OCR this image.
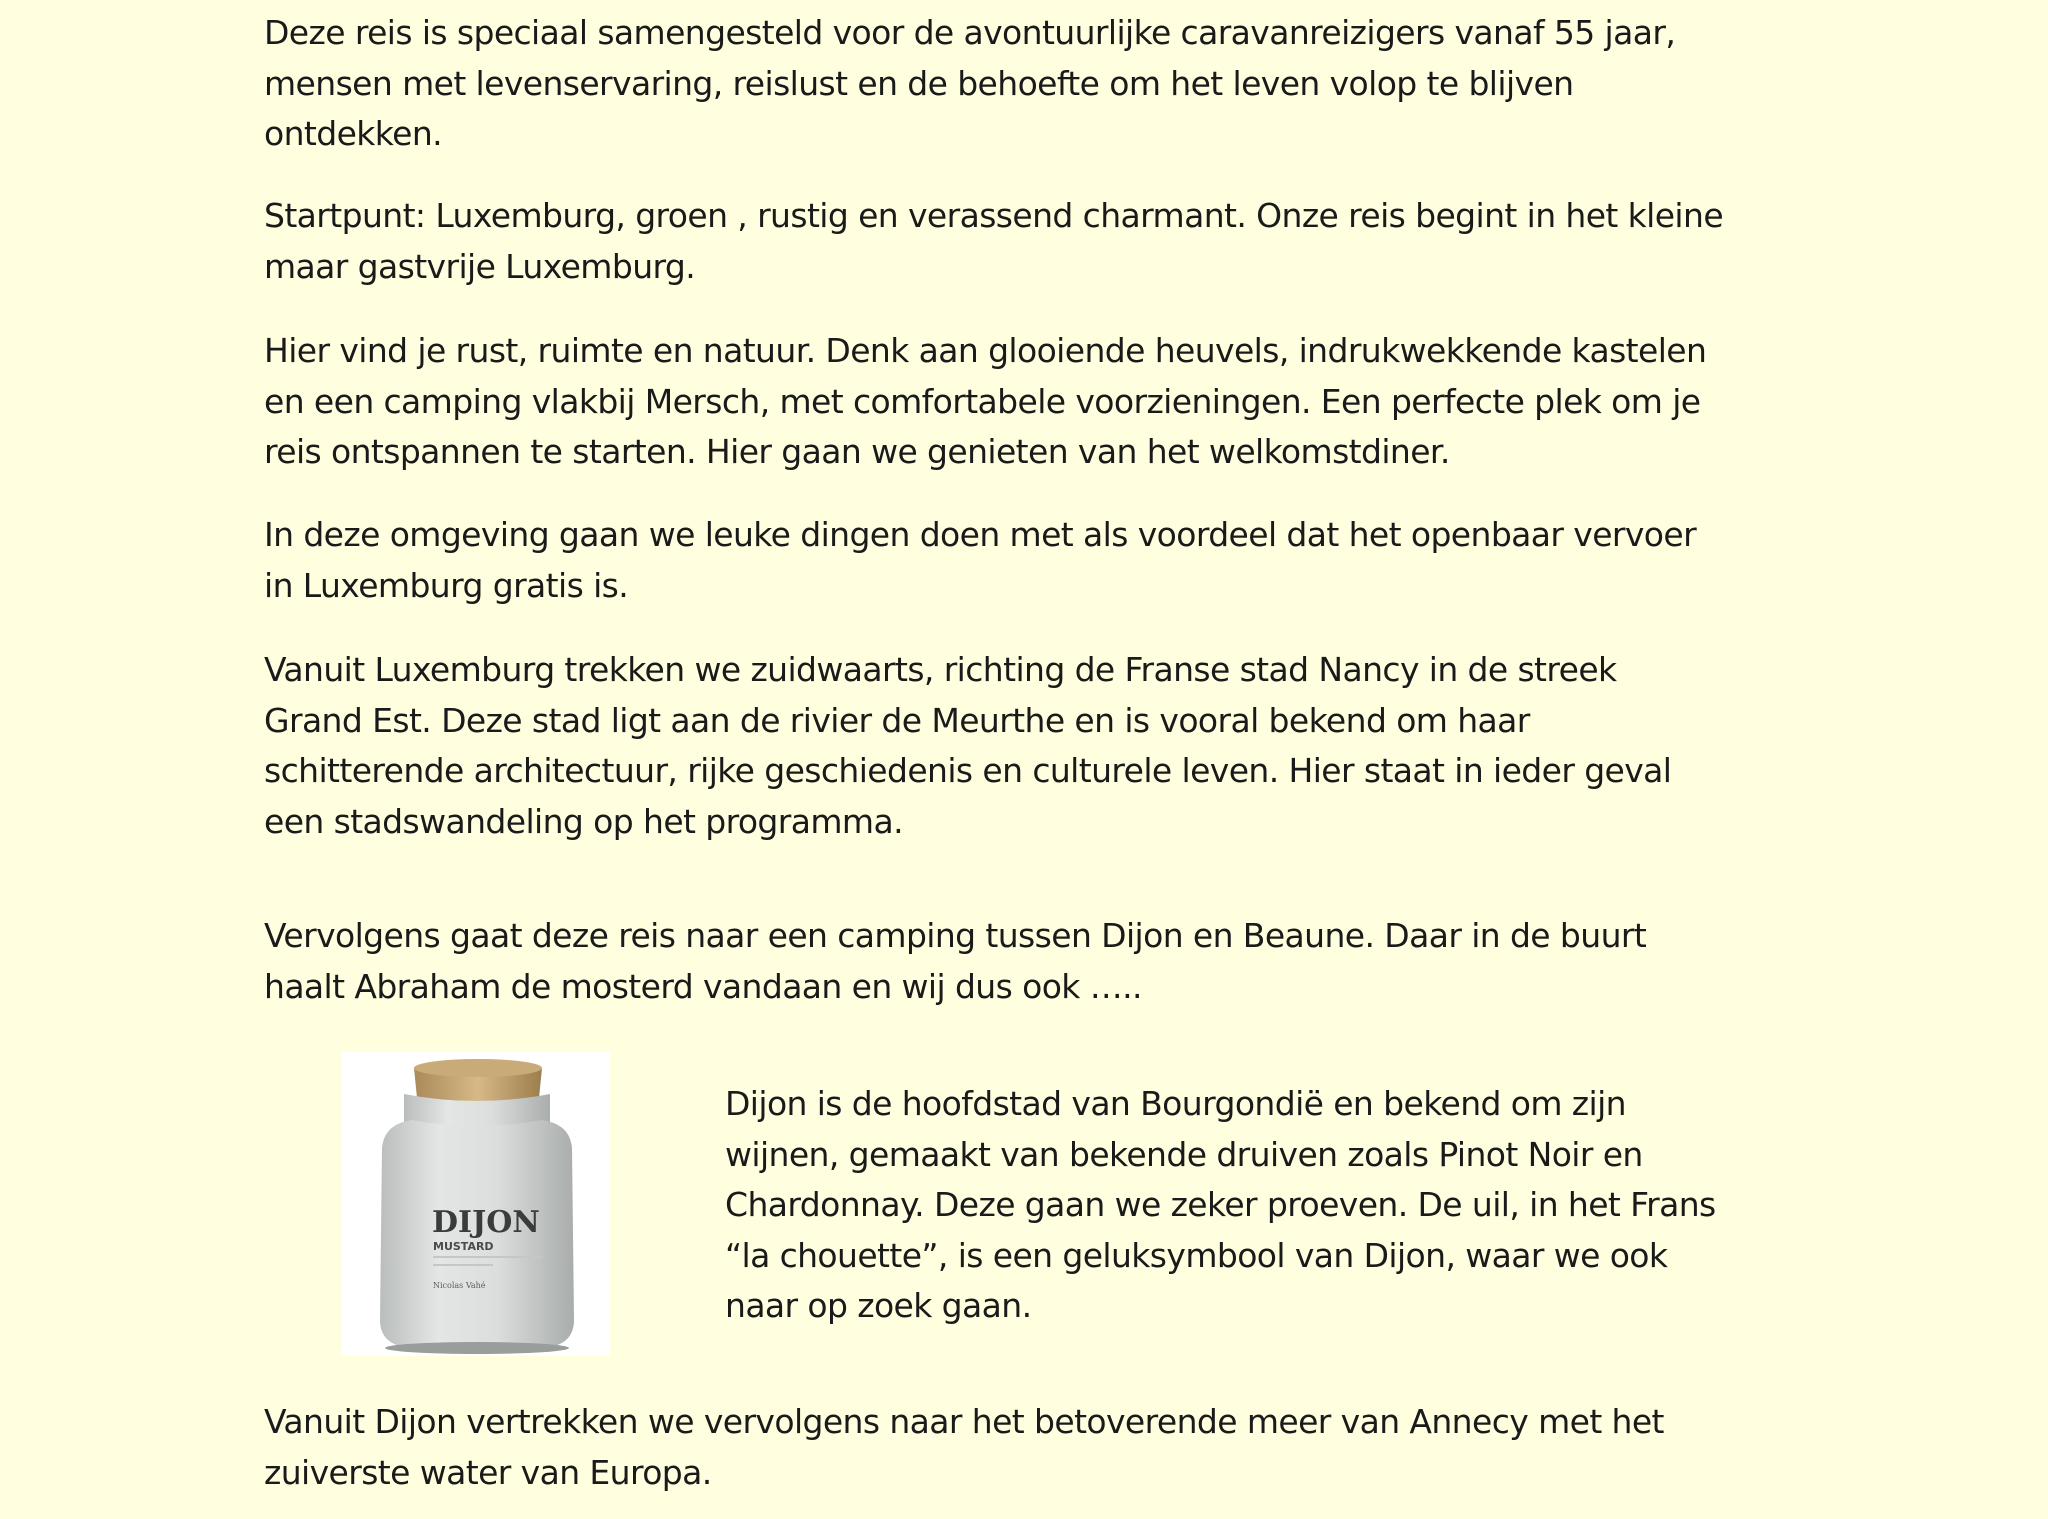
Deze reis is speciaal samengesteld voor de avontuurlijke caravanreizigers vanaf 55 jaar,
mensen met levenservaring, reislust en de behoefte om het leven volop te blijven
ontdekken.

Startpunt: Luxemburg, groen , rustig en verassend charmant. Onze reis begint in het kleine
maar gastvrije Luxemburg.

Hier vind je rust, ruimte en natuur. Denk aan glooiende heuvels, indrukwekkende kastelen
en een camping vlakbij Mersch, met comfortabele voorzieningen. Een perfecte plek om je
reis ontspannen te starten. Hier gaan we genieten van het welkomstdiner.

In deze omgeving gaan we leuke dingen doen met als voordeel dat het openbaar vervoer
in Luxemburg gratis is.

Vanuit Luxemburg trekken we zuidwaarts, richting de Franse stad Nancy in de streek
Grand Est. Deze stad ligt aan de rivier de Meurthe en is vooral bekend om haar
schitterende architectuur, rijke geschiedenis en culturele leven. Hier staat in ieder geval
een stadswandeling op het programma.

Vervolgens gaat deze reis naar een camping tussen Dijon en Beaune. Daar in de buurt
haalt Abraham de mosterd vandaan en wij dus ook …..

DIJON
MUSTARD
Nicolas Vahé

Dijon is de hoofdstad van Bourgondië en bekend om zijn
wijnen, gemaakt van bekende druiven zoals Pinot Noir en
Chardonnay. Deze gaan we zeker proeven. De uil, in het Frans
“la chouette”, is een geluksymbool van Dijon, waar we ook
naar op zoek gaan.

Vanuit Dijon vertrekken we vervolgens naar het betoverende meer van Annecy met het
zuiverste water van Europa.
